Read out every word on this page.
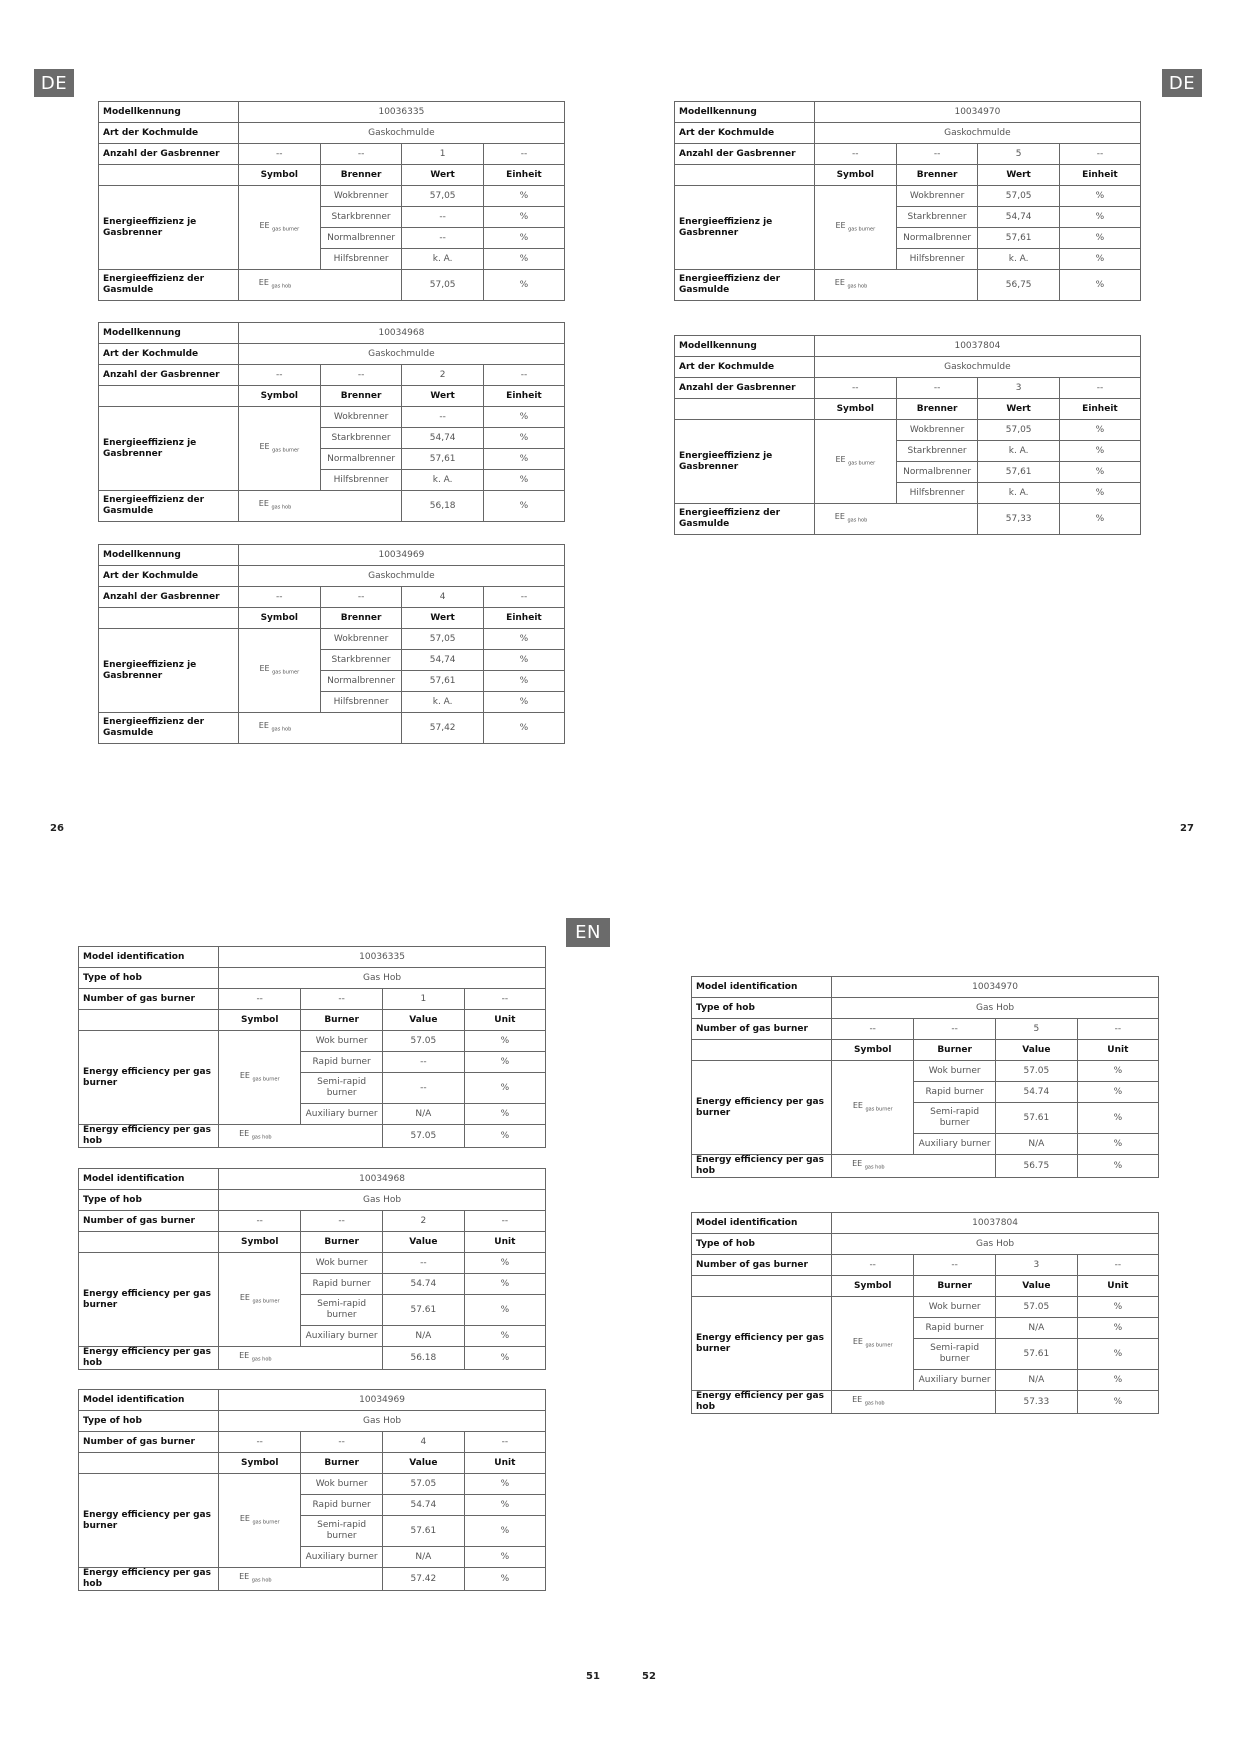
DE	DE
EN
26	27
51	52
Modellkennung	10036335			
Art der Kochmulde	Gaskochmulde			
Anzahl der Gasbrenner	--	--	1	--
	Symbol	Brenner	Wert	Einheit
Energieeffizienz je Gasbrenner	EE $_{gas burner}$	Wokbrenner	57,05	%
		Starkbrenner	--	%
		Normalbrenner	--	%
		Hilfsbrenner	k. A.	%
Energieeffizienz der Gasmulde	EE $_{gas hob}$		57,05	%
Modellkennung	10034968			
Art der Kochmulde	Gaskochmulde			
Anzahl der Gasbrenner	--	--	2	--
	Symbol	Brenner	Wert	Einheit
Energieeffizienz je Gasbrenner	EE $_{gas burner}$	Wokbrenner	--	%
		Starkbrenner	54,74	%
		Normalbrenner	57,61	%
		Hilfsbrenner	k. A.	%
Energieeffizienz der Gasmulde	EE $_{gas hob}$		56,18	%
Modellkennung	10034969			
Art der Kochmulde	Gaskochmulde			
Anzahl der Gasbrenner	--	--	4	--
	Symbol	Brenner	Wert	Einheit
Energieeffizienz je Gasbrenner	EE $_{gas burner}$	Wokbrenner	57,05	%
		Starkbrenner	54,74	%
		Normalbrenner	57,61	%
		Hilfsbrenner	k. A.	%
Energieeffizienz der Gasmulde	EE $_{gas hob}$		57,42	%
Modellkennung	10034970			
Art der Kochmulde	Gaskochmulde			
Anzahl der Gasbrenner	--	--	5	--
	Symbol	Brenner	Wert	Einheit
Energieeffizienz je Gasbrenner	EE $_{gas burner}$	Wokbrenner	57,05	%
		Starkbrenner	54,74	%
		Normalbrenner	57,61	%
		Hilfsbrenner	k. A.	%
Energieeffizienz der Gasmulde	EE $_{gas hob}$		56,75	%
Modellkennung	10037804			
Art der Kochmulde	Gaskochmulde			
Anzahl der Gasbrenner	--	--	3	--
	Symbol	Brenner	Wert	Einheit
Energieeffizienz je Gasbrenner	EE $_{gas burner}$	Wokbrenner	57,05	%
		Starkbrenner	k. A.	%
		Normalbrenner	57,61	%
		Hilfsbrenner	k. A.	%
Energieeffizienz der Gasmulde	EE $_{gas hob}$		57,33	%
Model identification	10036335			
Type of hob	Gas Hob			
Number of gas burner	--	--	1	--
	Symbol	Burner	Value	Unit
Energy efficiency per gas burner	EE $_{gas burner}$	Wok burner	57.05	%
		Rapid burner	--	%
		Semi-rapid burner	--	%
		Auxiliary burner	N/A	%
Energy efficiency per gas hob	EE $_{gas hob}$		57.05	%
Model identification	10034968			
Type of hob	Gas Hob			
Number of gas burner	--	--	2	--
	Symbol	Burner	Value	Unit
Energy efficiency per gas burner	EE $_{gas burner}$	Wok burner	--	%
		Rapid burner	54.74	%
		Semi-rapid burner	57.61	%
		Auxiliary burner	N/A	%
Energy efficiency per gas hob	EE $_{gas hob}$		56.18	%
Model identification	10034969			
Type of hob	Gas Hob			
Number of gas burner	--	--	4	--
	Symbol	Burner	Value	Unit
Energy efficiency per gas burner	EE $_{gas burner}$	Wok burner	57.05	%
		Rapid burner	54.74	%
		Semi-rapid burner	57.61	%
		Auxiliary burner	N/A	%
Energy efficiency per gas hob	EE $_{gas hob}$		57.42	%
Model identification	10034970			
Type of hob	Gas Hob			
Number of gas burner	--	--	5	--
	Symbol	Burner	Value	Unit
Energy efficiency per gas burner	EE $_{gas burner}$	Wok burner	57.05	%
		Rapid burner	54.74	%
		Semi-rapid burner	57.61	%
		Auxiliary burner	N/A	%
Energy efficiency per gas hob	EE $_{gas hob}$		56.75	%
Model identification	10037804			
Type of hob	Gas Hob			
Number of gas burner	--	--	3	--
	Symbol	Burner	Value	Unit
Energy efficiency per gas burner	EE $_{gas burner}$	Wok burner	57.05	%
		Rapid burner	N/A	%
		Semi-rapid burner	57.61	%
		Auxiliary burner	N/A	%
Energy efficiency per gas hob	EE $_{gas hob}$		57.33	%
